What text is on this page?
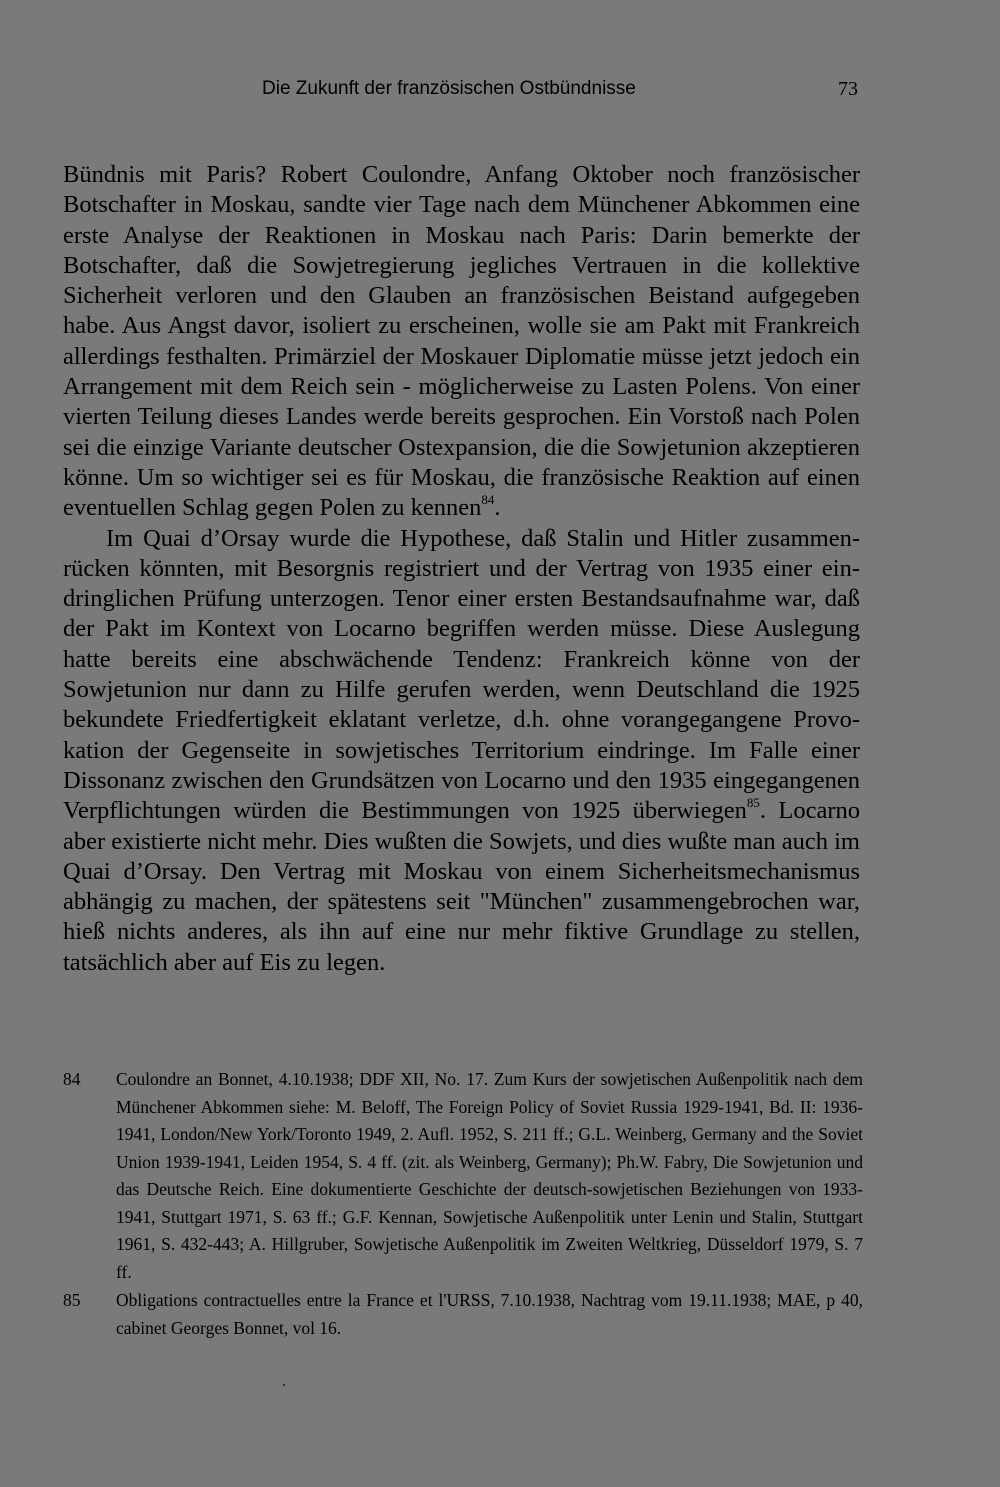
Die Zukunft der französischen Ostbündnisse	73

Bündnis mit Paris? Robert Coulondre, Anfang Oktober noch französischer Botschafter in Moskau, sandte vier Tage nach dem Münchener Abkommen eine erste Analyse der Reaktionen in Moskau nach Paris: Darin bemerkte der Botschafter, daß die Sowjetregierung jegliches Vertrauen in die kollektive Sicherheit verloren und den Glauben an französischen Beistand aufgegeben habe. Aus Angst davor, isoliert zu erscheinen, wolle sie am Pakt mit Frankreich allerdings festhalten. Primärziel der Moskauer Diplomatie müsse jetzt jedoch ein Arrangement mit dem Reich sein - möglicherweise zu Lasten Polens. Von einer vierten Teilung dieses Landes werde bereits gesprochen. Ein Vorstoß nach Polen sei die einzige Variante deutscher Ostexpansion, die die Sowjetunion akzeptieren könne. Um so wichtiger sei es für Moskau, die französische Reaktion auf einen eventuellen Schlag gegen Polen zu kennen$^{84}$.

Im Quai d’Orsay wurde die Hypothese, daß Stalin und Hitler zusammenrücken könnten, mit Besorgnis registriert und der Vertrag von 1935 einer eindringlichen Prüfung unterzogen. Tenor einer ersten Bestandsaufnahme war, daß der Pakt im Kontext von Locarno begriffen werden müsse. Diese Auslegung hatte bereits eine abschwächende Tendenz: Frankreich könne von der Sowjetunion nur dann zu Hilfe gerufen werden, wenn Deutschland die 1925 bekundete Friedfertigkeit eklatant verletze, d.h. ohne vorangegangene Provokation der Gegenseite in sowjetisches Territorium eindringe. Im Falle einer Dissonanz zwischen den Grundsätzen von Locarno und den 1935 eingegangenen Verpflichtungen würden die Bestimmungen von 1925 überwiegen$^{85}$. Locarno aber existierte nicht mehr. Dies wußten die Sowjets, und dies wußte man auch im Quai d’Orsay. Den Vertrag mit Moskau von einem Sicherheitsmechanismus abhängig zu machen, der spätestens seit "München" zusammengebrochen war, hieß nichts anderes, als ihn auf eine nur mehr fiktive Grundlage zu stellen, tatsächlich aber auf Eis zu legen.

84	Coulondre an Bonnet, 4.10.1938; DDF XII, No. 17. Zum Kurs der sowjetischen Außenpolitik nach dem Münchener Abkommen siehe: M. Beloff, The Foreign Policy of Soviet Russia 1929-1941, Bd. II: 1936-1941, London/New York/Toronto 1949, 2. Aufl. 1952, S. 211 ff.; G.L. Weinberg, Germany and the Soviet Union 1939-1941, Leiden 1954, S. 4 ff. (zit. als Weinberg, Germany); Ph.W. Fabry, Die Sowjetunion und das Deutsche Reich. Eine dokumentierte Geschichte der deutsch-sowjetischen Beziehungen von 1933-1941, Stuttgart 1971, S. 63 ff.; G.F. Kennan, Sowjetische Außenpolitik unter Lenin und Stalin, Stuttgart 1961, S. 432-443; A. Hillgruber, Sowjetische Außenpolitik im Zweiten Weltkrieg, Düsseldorf 1979, S. 7 ff.
85	Obligations contractuelles entre la France et l'URSS, 7.10.1938, Nachtrag vom 19.11.1938; MAE, p 40, cabinet Georges Bonnet, vol 16.
